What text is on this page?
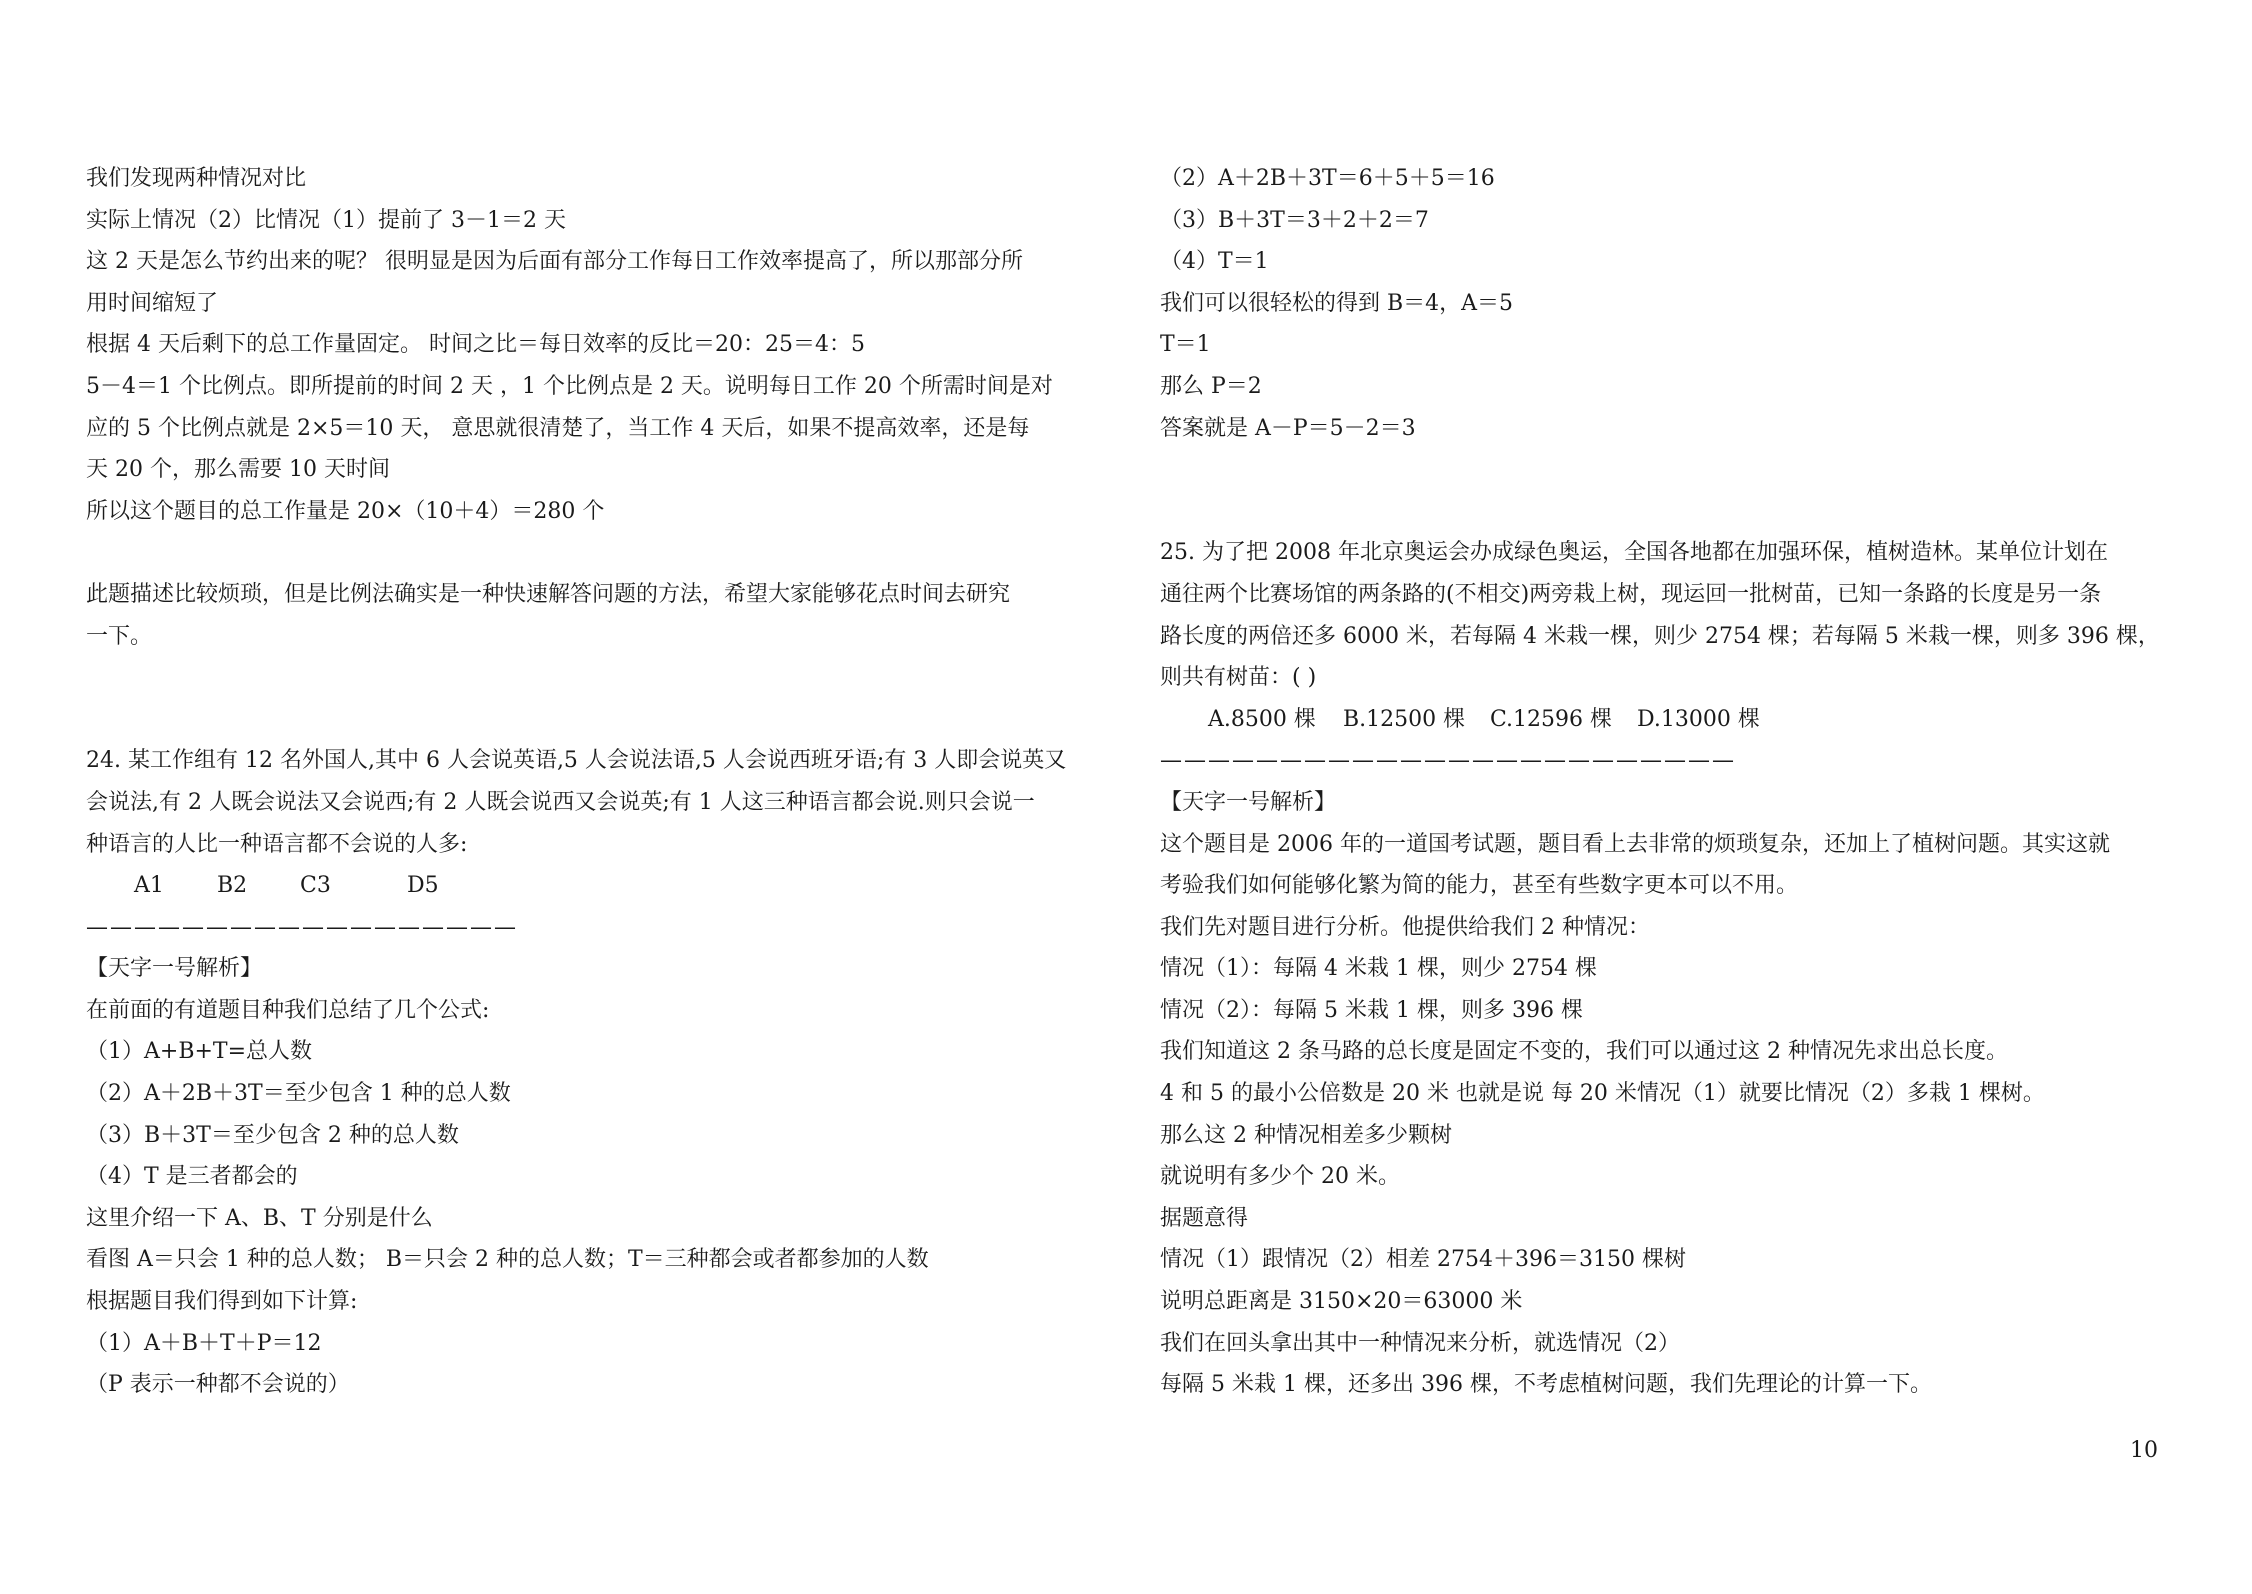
我们发现两种情况对比
实际上情况（2）比情况（1）提前了 3－1＝2 天
这 2 天是怎么节约出来的呢？ 很明显是因为后面有部分工作每日工作效率提高了，所以那部分所
用时间缩短了
根据 4 天后剩下的总工作量固定。 时间之比＝每日效率的反比＝20：25＝4：5
5－4＝1 个比例点。即所提前的时间 2 天 ，1 个比例点是 2 天。说明每日工作 20 个所需时间是对
应的 5 个比例点就是 2×5＝10 天， 意思就很清楚了，当工作 4 天后，如果不提高效率，还是每
天 20 个，那么需要 10 天时间
所以这个题目的总工作量是 20×（10＋4）＝280 个
此题描述比较烦琐，但是比例法确实是一种快速解答问题的方法，希望大家能够花点时间去研究
一下。
24. 某工作组有 12 名外国人,其中 6 人会说英语,5 人会说法语,5 人会说西班牙语;有 3 人即会说英又
会说法,有 2 人既会说法又会说西;有 2 人既会说西又会说英;有 1 人这三种语言都会说.则只会说一
种语言的人比一种语言都不会说的人多:
A1 B2 C3	D5
——————————————————
【天字一号解析】
在前面的有道题目种我们总结了几个公式:
（1）A+B+T=总人数
（2）A＋2B＋3T＝至少包含 1 种的总人数
（3）B＋3T＝至少包含 2 种的总人数
（4）T 是三者都会的
这里介绍一下 A、B、T 分别是什么
看图 A＝只会 1 种的总人数； B＝只会 2 种的总人数；T＝三种都会或者都参加的人数
根据题目我们得到如下计算:
（1）A＋B＋T＋P＝12
（P 表示一种都不会说的）
（2）A＋2B＋3T＝6＋5＋5＝16
（3）B＋3T＝3＋2＋2＝7
（4）T＝1
我们可以很轻松的得到 B＝4，A＝5
T＝1
那么 P＝2
答案就是 A－P＝5－2＝3
25. 为了把 2008 年北京奥运会办成绿色奥运，全国各地都在加强环保，植树造林。某单位计划在
通往两个比赛场馆的两条路的(不相交)两旁栽上树，现运回一批树苗，已知一条路的长度是另一条
路长度的两倍还多 6000 米，若每隔 4 米栽一棵，则少 2754 棵；若每隔 5 米栽一棵，则多 396 棵，
则共有树苗：( )
A.8500 棵 B.12500 棵 C.12596 棵 D.13000 棵
————————————————————————
【天字一号解析】
这个题目是 2006 年的一道国考试题，题目看上去非常的烦琐复杂，还加上了植树问题。其实这就
考验我们如何能够化繁为简的能力，甚至有些数字更本可以不用。
我们先对题目进行分析。他提供给我们 2 种情况：
情况（1）：每隔 4 米栽 1 棵，则少 2754 棵
情况（2）：每隔 5 米栽 1 棵，则多 396 棵
我们知道这 2 条马路的总长度是固定不变的，我们可以通过这 2 种情况先求出总长度。
4 和 5 的最小公倍数是 20 米 也就是说 每 20 米情况（1）就要比情况（2）多栽 1 棵树。
那么这 2 种情况相差多少颗树
就说明有多少个 20 米。
据题意得
情况（1）跟情况（2）相差 2754＋396＝3150 棵树
说明总距离是 3150×20＝63000 米
我们在回头拿出其中一种情况来分析，就选情况（2）
每隔 5 米栽 1 棵，还多出 396 棵，不考虑植树问题，我们先理论的计算一下。
10
